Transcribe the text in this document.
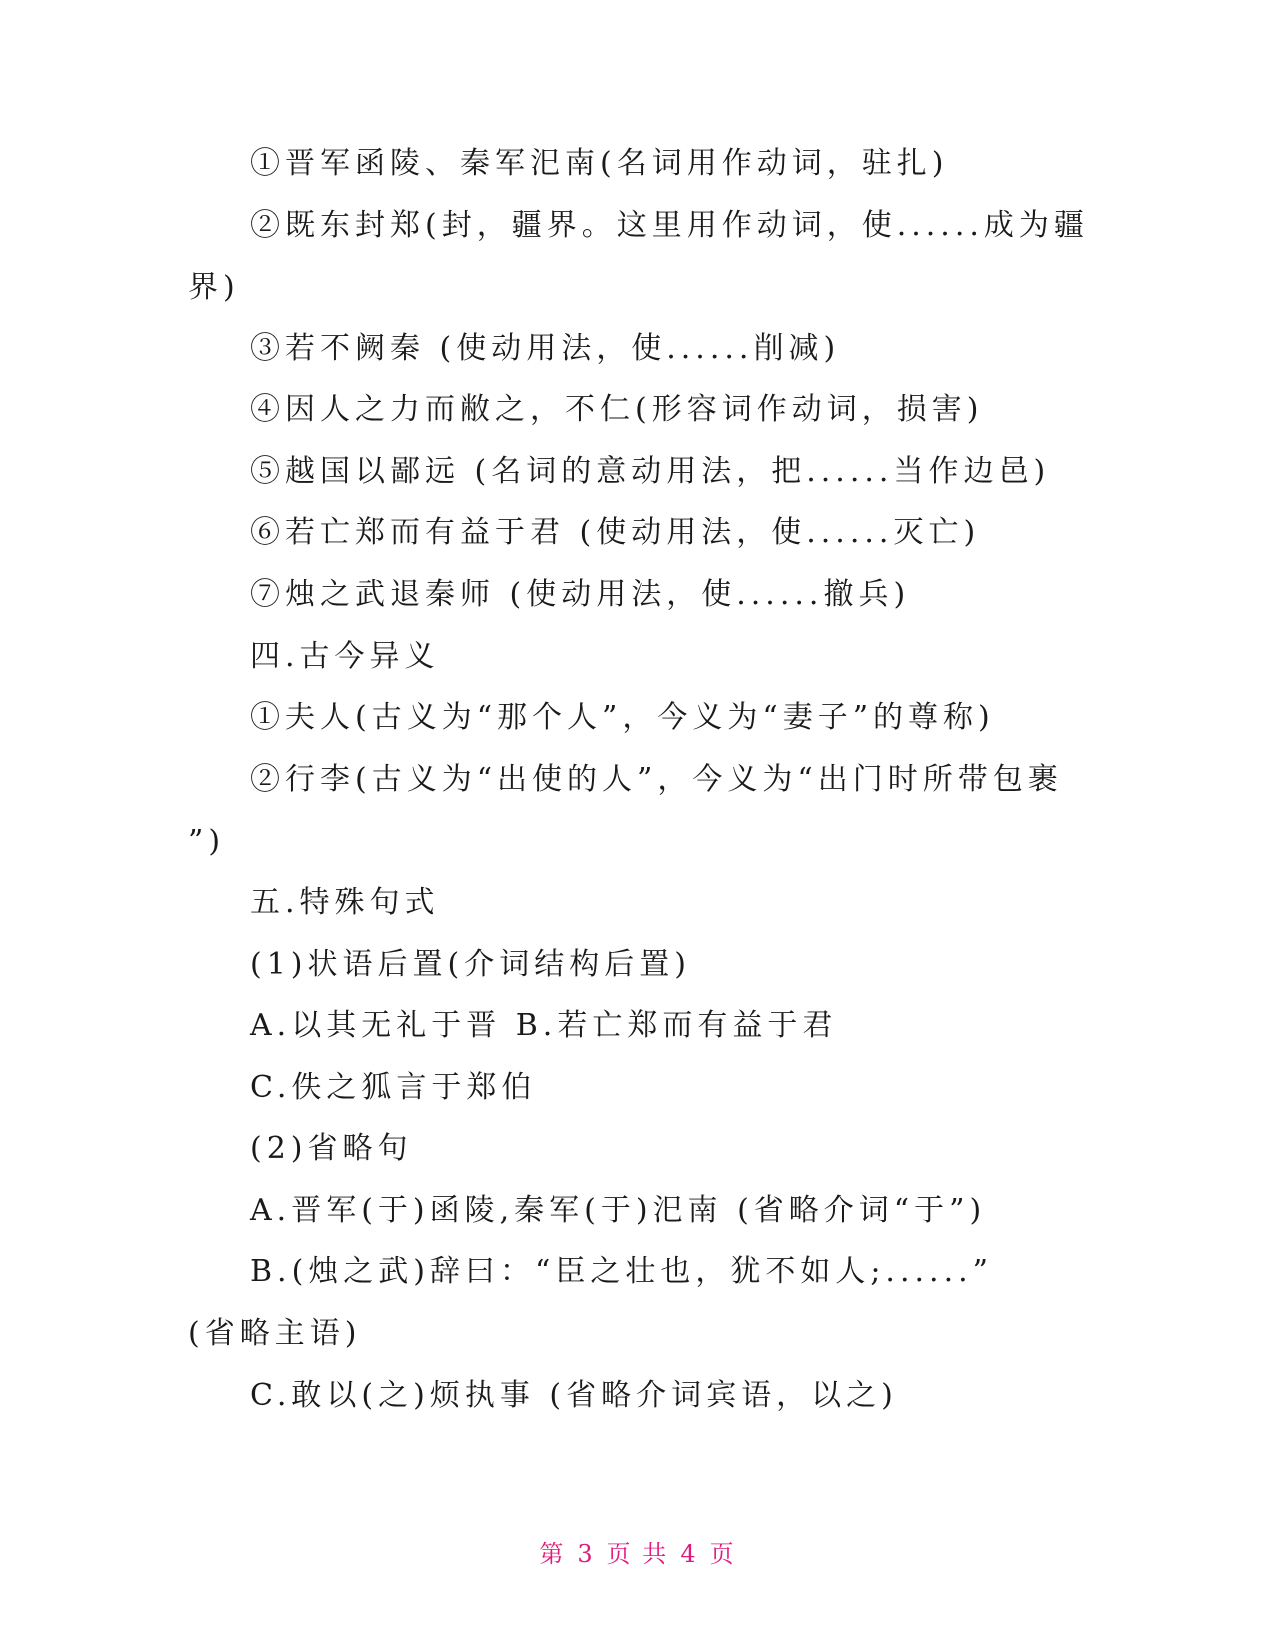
①晋军函陵、秦军汜南(名词用作动词，驻扎)
②既东封郑(封，疆界。这里用作动词，使......成为疆
界)
③若不阙秦 (使动用法，使......削减)
④因人之力而敝之，不仁(形容词作动词，损害)
⑤越国以鄙远 (名词的意动用法，把......当作边邑)
⑥若亡郑而有益于君 (使动用法，使......灭亡)
⑦烛之武退秦师 (使动用法，使......撤兵)
四.古今异义
①夫人(古义为“那个人”，今义为“妻子”的尊称)
②行李(古义为“出使的人”，今义为“出门时所带包裹
”)
五.特殊句式
(1)状语后置(介词结构后置)
A.以其无礼于晋 B.若亡郑而有益于君
C.佚之狐言于郑伯
(2)省略句
A.晋军(于)函陵,秦军(于)汜南 (省略介词“于”)
B.(烛之武)辞曰：“臣之壮也，犹不如人;......”
(省略主语)
C.敢以(之)烦执事 (省略介词宾语，以之)
第 3 页 共 4 页
